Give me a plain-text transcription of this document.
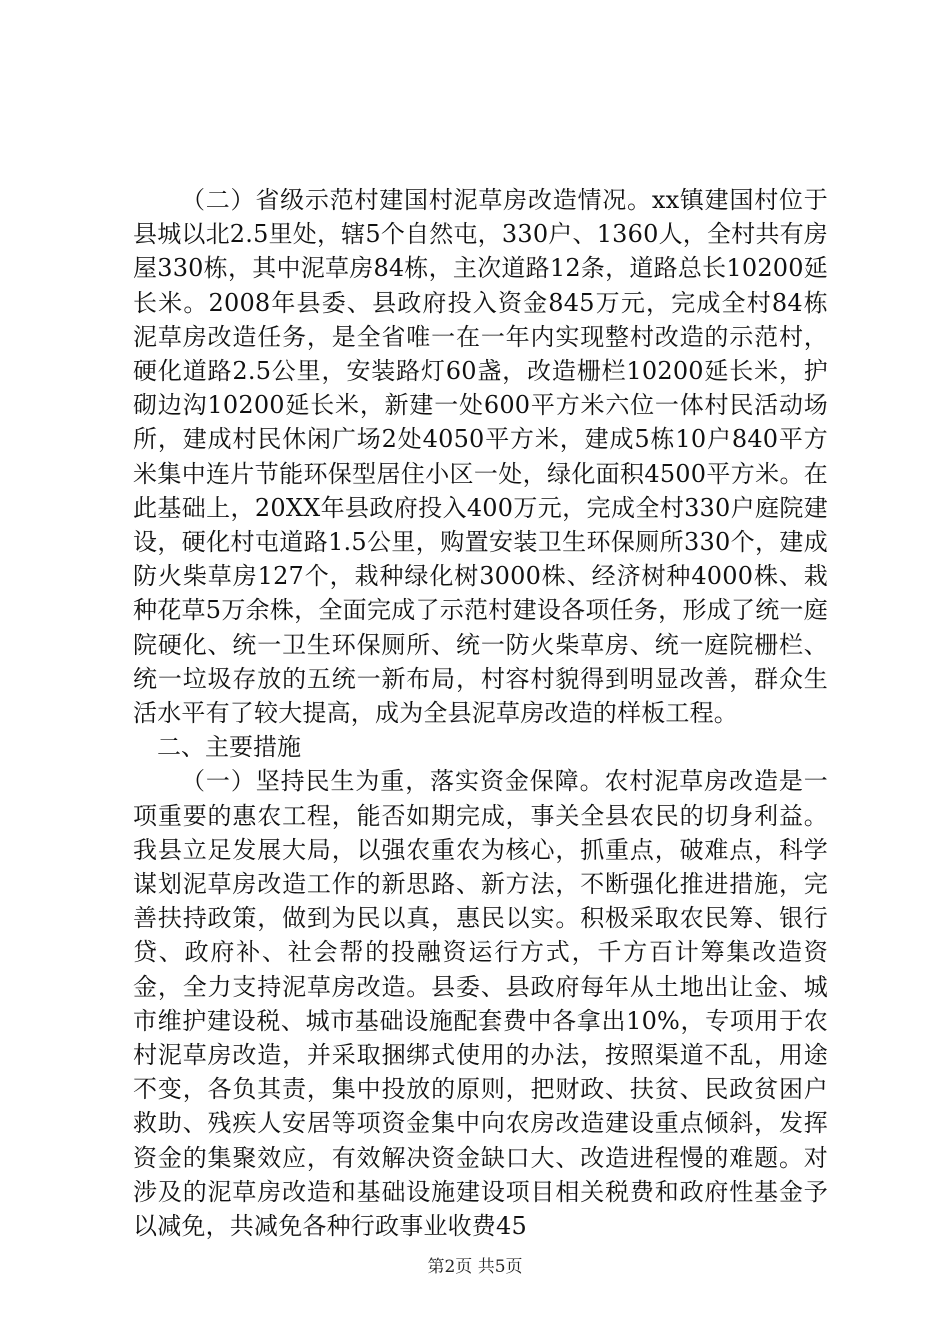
（二）省级示范村建国村泥草房改造情况。xx镇建国村位于县城以北2.5里处，辖5个自然屯，330户、1360人，全村共有房屋330栋，其中泥草房84栋，主次道路12条，道路总长10200延长米。2008年县委、县政府投入资金845万元，完成全村84栋泥草房改造任务，是全省唯一在一年内实现整村改造的示范村，硬化道路2.5公里，安装路灯60盏，改造栅栏10200延长米，护砌边沟10200延长米，新建一处600平方米六位一体村民活动场所，建成村民休闲广场2处4050平方米，建成5栋10户840平方米集中连片节能环保型居住小区一处，绿化面积4500平方米。在此基础上，20XX年县政府投入400万元，完成全村330户庭院建设，硬化村屯道路1.5公里，购置安装卫生环保厕所330个，建成防火柴草房127个，栽种绿化树3000株、经济树种4000株、栽种花草5万余株，全面完成了示范村建设各项任务，形成了统一庭院硬化、统一卫生环保厕所、统一防火柴草房、统一庭院栅栏、统一垃圾存放的五统一新布局，村容村貌得到明显改善，群众生活水平有了较大提高，成为全县泥草房改造的样板工程。

二、主要措施

（一）坚持民生为重，落实资金保障。农村泥草房改造是一项重要的惠农工程，能否如期完成，事关全县农民的切身利益。我县立足发展大局，以强农重农为核心，抓重点，破难点，科学谋划泥草房改造工作的新思路、新方法，不断强化推进措施，完善扶持政策，做到为民以真，惠民以实。积极采取农民筹、银行贷、政府补、社会帮的投融资运行方式，千方百计筹集改造资金，全力支持泥草房改造。县委、县政府每年从土地出让金、城市维护建设税、城市基础设施配套费中各拿出10%，专项用于农村泥草房改造，并采取捆绑式使用的办法，按照渠道不乱，用途不变，各负其责，集中投放的原则，把财政、扶贫、民政贫困户救助、残疾人安居等项资金集中向农房改造建设重点倾斜，发挥资金的集聚效应，有效解决资金缺口大、改造进程慢的难题。对涉及的泥草房改造和基础设施建设项目相关税费和政府性基金予以减免，共减免各种行政事业收费45

第2页 共5页
